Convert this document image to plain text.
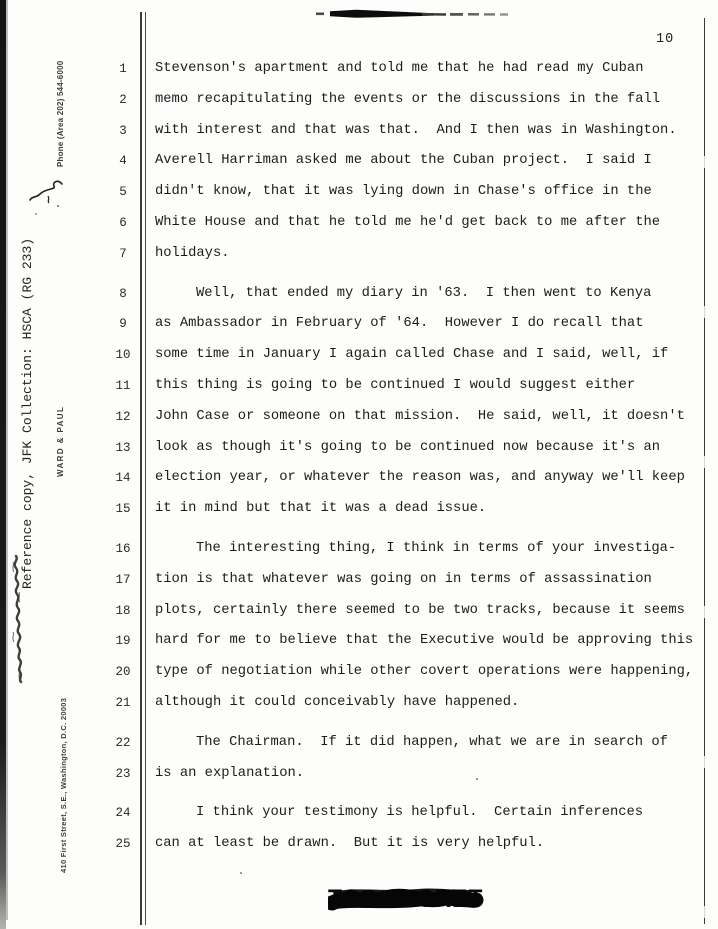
Phone (Area 202) 544-6000
Reference copy, JFK Collection: HSCA (RG 233)	WARD & PAUL
410 First Street, S.E., Washington, D.C. 20003
10
1	Stevenson's apartment and told me that he had read my Cuban
2	memo recapitulating the events or the discussions in the fall
3	with interest and that was that.  And I then was in Washington.
4	Averell Harriman asked me about the Cuban project.  I said I
5	didn't know, that it was lying down in Chase's office in the
6	White House and that he told me he'd get back to me after the
7	holidays.
8	Well, that ended my diary in '63.  I then went to Kenya
9	as Ambassador in February of '64.  However I do recall that
10	some time in January I again called Chase and I said, well, if
11	this thing is going to be continued I would suggest either
12	John Case or someone on that mission.  He said, well, it doesn't
13	look as though it's going to be continued now because it's an
14	election year, or whatever the reason was, and anyway we'll keep
15	it in mind but that it was a dead issue.
16	The interesting thing, I think in terms of your investiga-
17	tion is that whatever was going on in terms of assassination
18	plots, certainly there seemed to be two tracks, because it seems
19	hard for me to believe that the Executive would be approving this
20	type of negotiation while other covert operations were happening,
21	although it could conceivably have happened.
22	The Chairman.  If it did happen, what we are in search of
23	is an explanation.
24	I think your testimony is helpful.  Certain inferences
25	can at least be drawn.  But it is very helpful.
TOP SECRET
